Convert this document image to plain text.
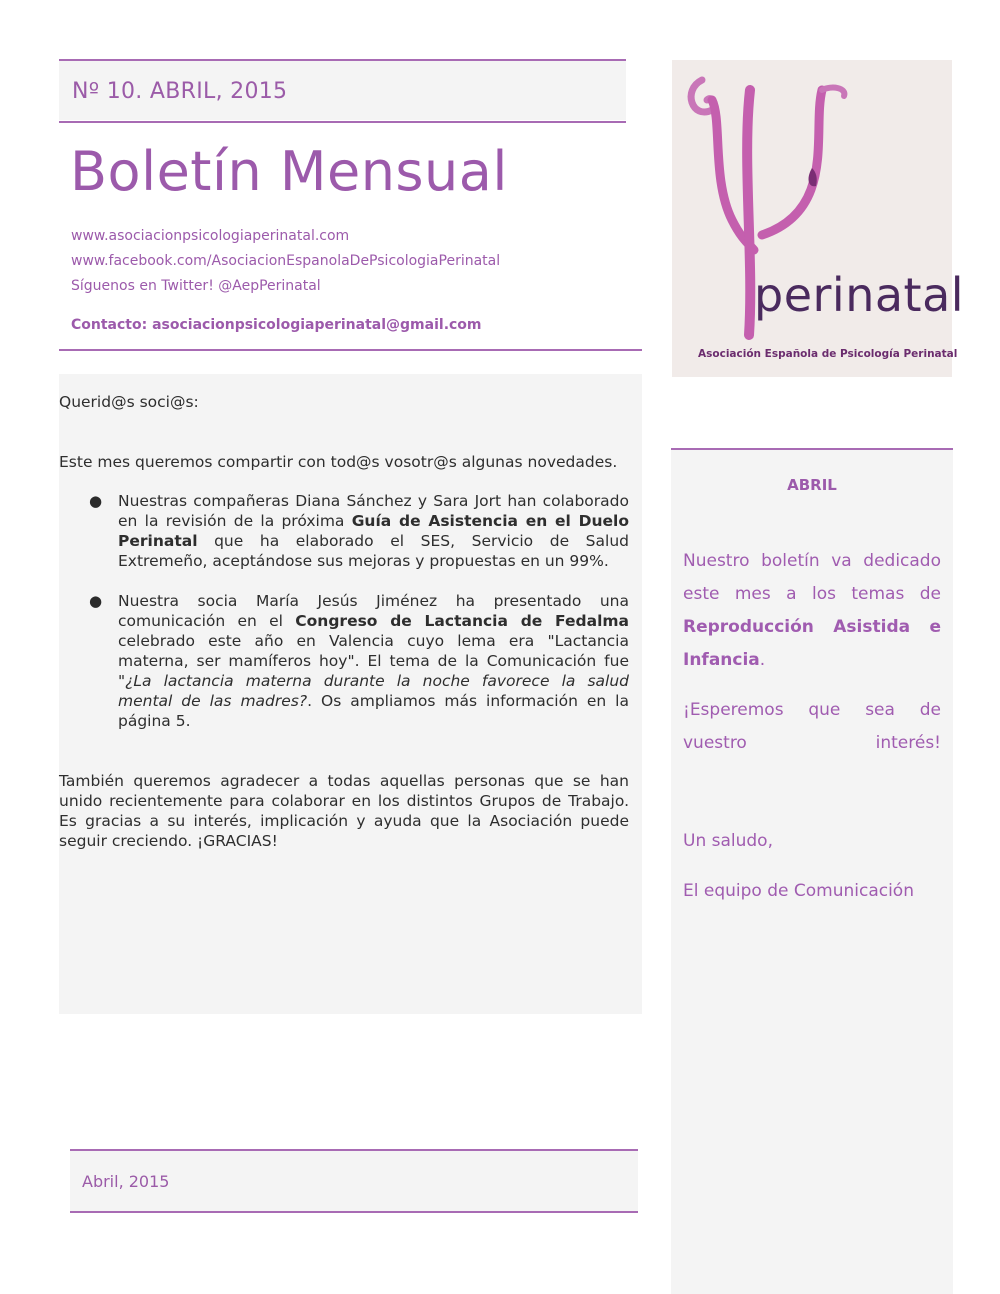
Nº 10. ABRIL, 2015
Boletín Mensual
www.asociacionpsicologiaperinatal.com
www.facebook.com/AsociacionEspanolaDePsicologiaPerinatal
Síguenos en Twitter! @AepPerinatal
Contacto: asociacionpsicologiaperinatal@gmail.com
Querid@s soci@s:
Este mes queremos compartir con tod@s vosotr@s algunas novedades.
● Nuestras compañeras Diana Sánchez y Sara Jort han colaborado en la revisión de la próxima Guía de Asistencia en el Duelo Perinatal que ha elaborado el SES, Servicio de Salud Extremeño, aceptándose sus mejoras y propuestas en un 99%.
● Nuestra socia María Jesús Jiménez ha presentado una comunicación en el Congreso de Lactancia de Fedalma celebrado este año en Valencia cuyo lema era "Lactancia materna, ser mamíferos hoy". El tema de la Comunicación fue "¿La lactancia materna durante la noche favorece la salud mental de las madres?. Os ampliamos más información en la página 5.
También queremos agradecer a todas aquellas personas que se han unido recientemente para colaborar en los distintos Grupos de Trabajo. Es gracias a su interés, implicación y ayuda que la Asociación puede seguir creciendo. ¡GRACIAS!
perinatal
Asociación Española de Psicología Perinatal
ABRIL
Nuestro boletín va dedicado este mes a los temas de Reproducción Asistida e Infancia.
¡Esperemos que sea de vuestro interés!
Un saludo,
El equipo de Comunicación
Abril, 2015
